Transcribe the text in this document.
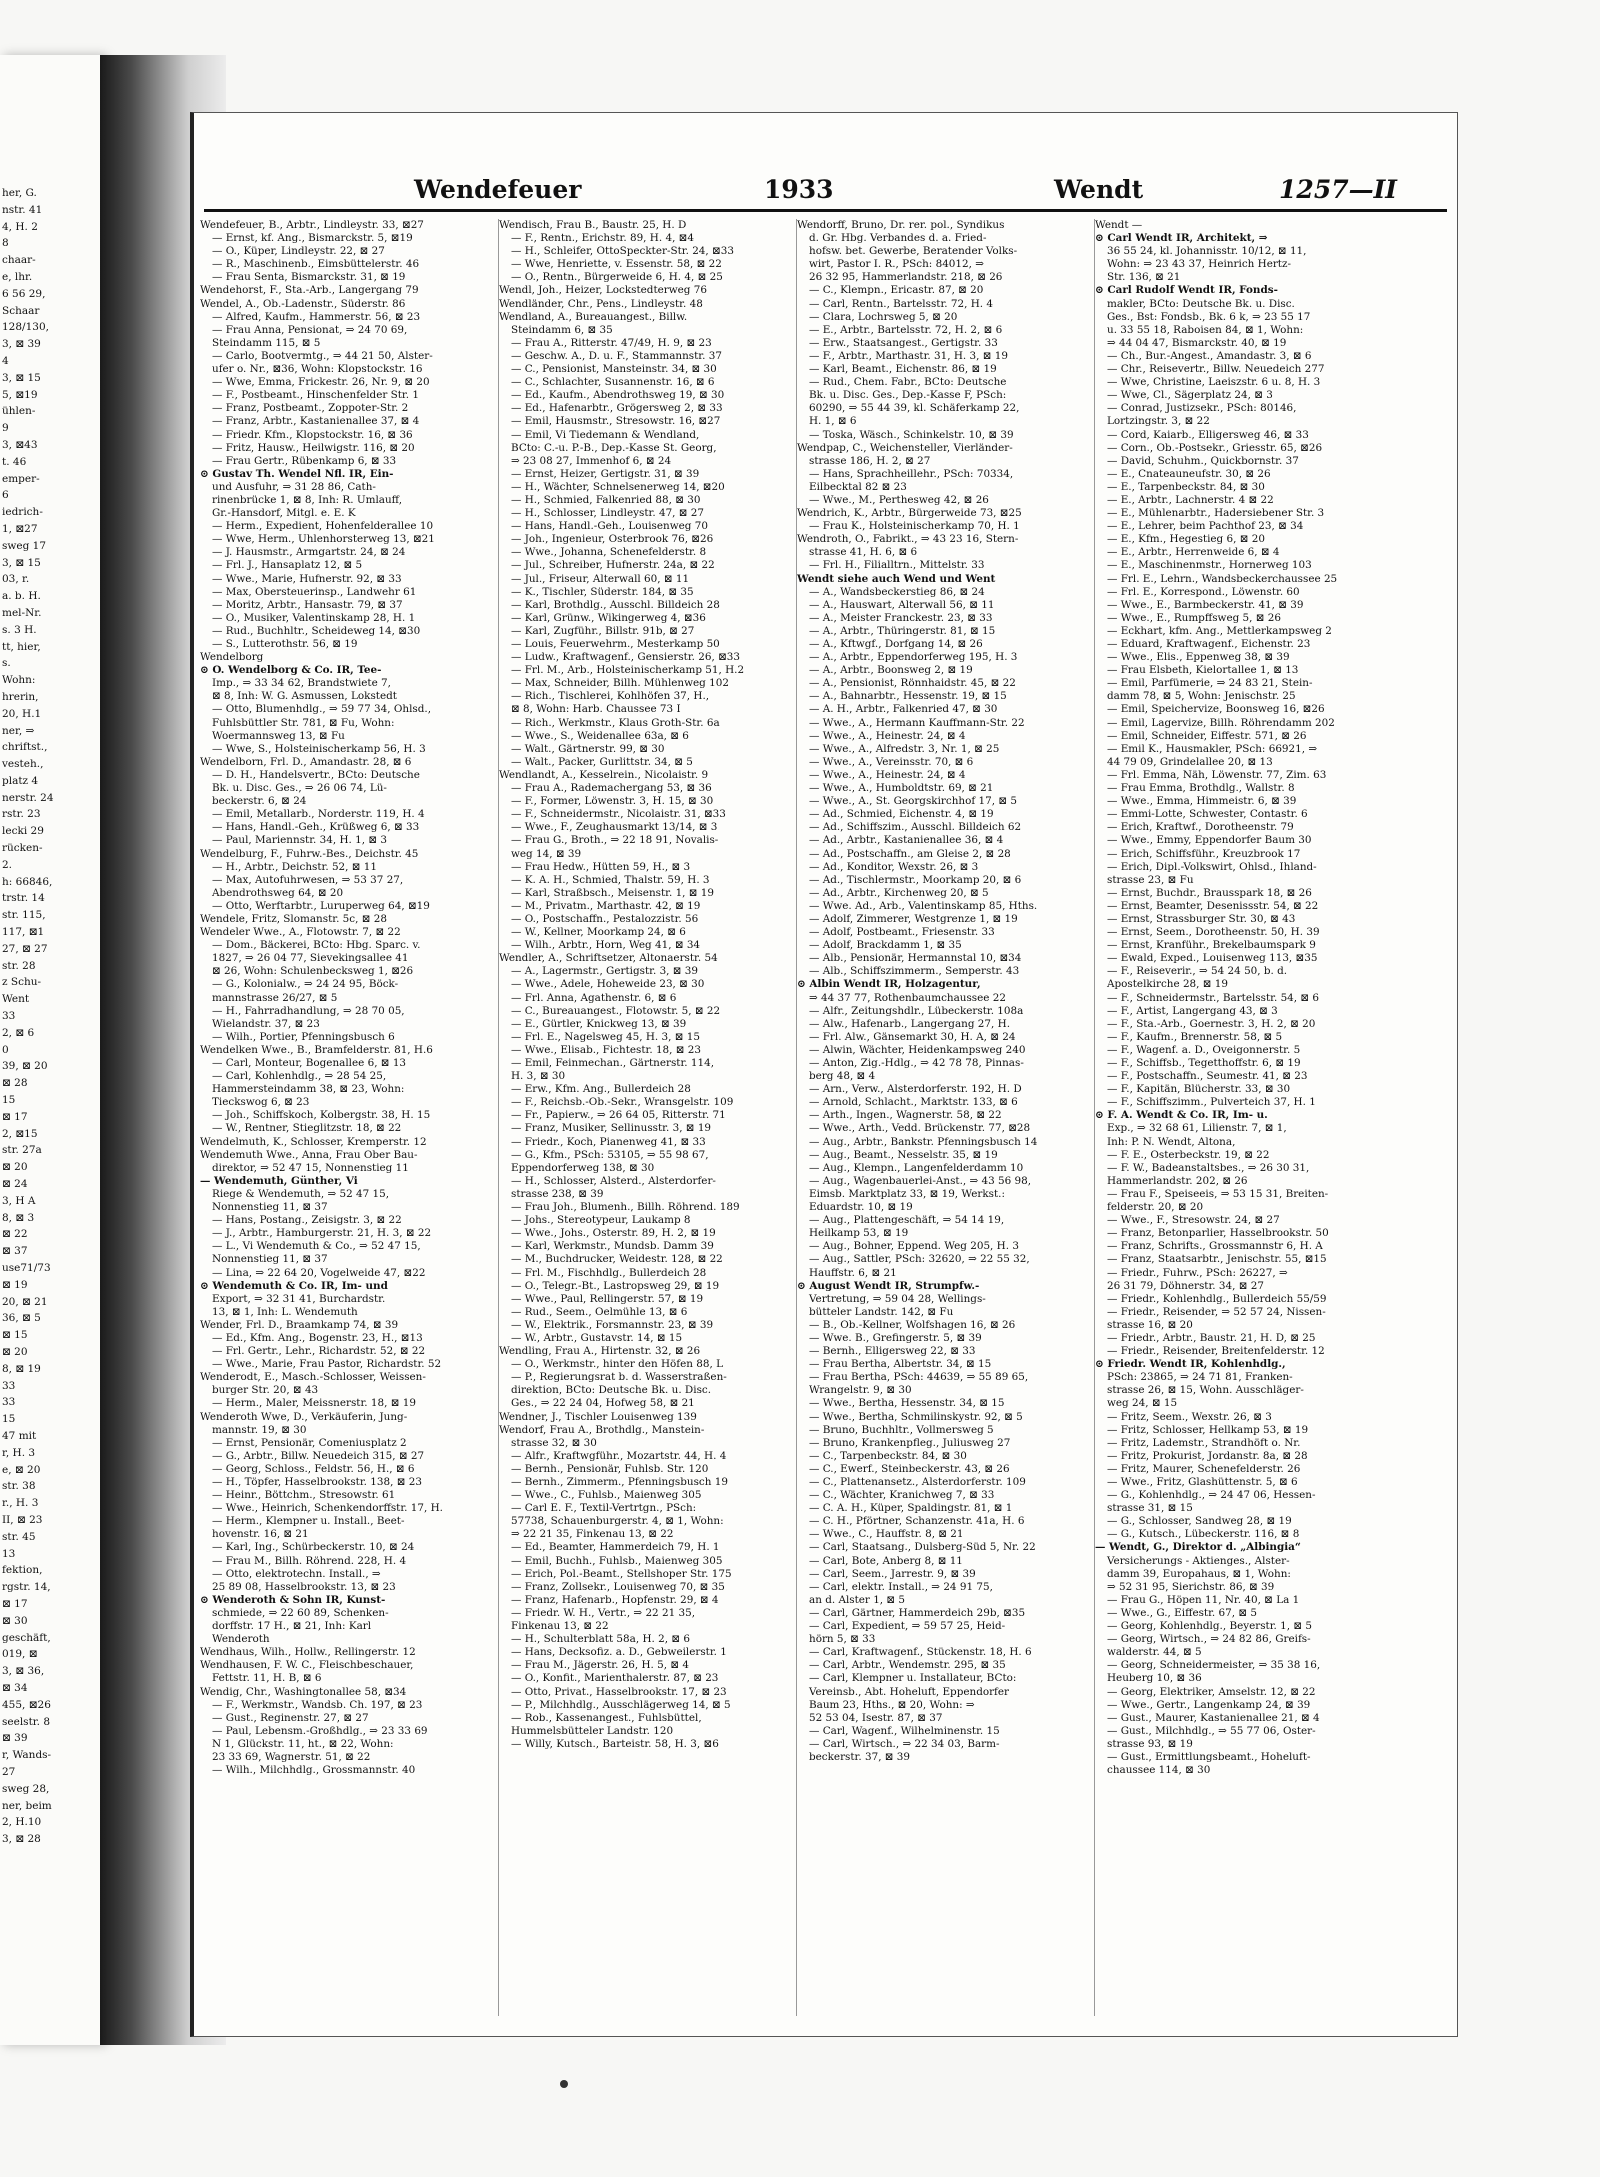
her, G.
nstr. 41
4, H. 2
8
chaar-
e, lhr.
6 56 29,
Schaar
128/130,
3, ⊠ 39
4
3, ⊠ 15
5, ⊠19
ühlen-
9
3, ⊠43
t. 46
emper-
6
iedrich-
1, ⊠27
sweg 17
3, ⊠ 15
03, r.
a. b. H.
mel-Nr.
s. 3 H.
tt, hier,
s.
Wohn:
hrerin,
20, H.1
ner, ⇒
chriftst.,
vesteh.,
platz 4
nerstr. 24
rstr. 23
lecki 29
rücken-
2.
h: 66846,
trstr. 14
str. 115,
117, ⊠1
27, ⊠ 27
str. 28
z Schu-
Went
33
2, ⊠ 6
0
39, ⊠ 20
⊠ 28
15
⊠ 17
2, ⊠15
str. 27a
⊠ 20
⊠ 24
3, H A
8, ⊠ 3
⊠ 22
⊠ 37
use71/73
⊠ 19
20, ⊠ 21
36, ⊠ 5
⊠ 15
⊠ 20
8, ⊠ 19
33
33
15
47 mit
r, H. 3
e, ⊠ 20
str. 38
r., H. 3
II, ⊠ 23
str. 45
13
fektion,
rgstr. 14,
⊠ 17
⊠ 30
geschäft,
019, ⊠
3, ⊠ 36,
⊠ 34
455, ⊠26
seelstr. 8
⊠ 39
r, Wands-
27
sweg 28,
ner, beim
2, H.10
3, ⊠ 28
Wendefeuer	1933	Wendt	1257—II
Wendefeuer, B., Arbtr., Lindleystr. 33, ⊠27
— Ernst, kf. Ang., Bismarckstr. 5, ⊠19
— O., Küper, Lindleystr. 22, ⊠ 27
— R., Maschinenb., Eimsbüttelerstr. 46
— Frau Senta, Bismarckstr. 31, ⊠ 19
Wendehorst, F., Sta.-Arb., Langergang 79
Wendel, A., Ob.-Ladenstr., Süderstr. 86
— Alfred, Kaufm., Hammerstr. 56, ⊠ 23
— Frau Anna, Pensionat, ⇒ 24 70 69,
Steindamm 115, ⊠ 5
— Carlo, Bootvermtg., ⇒ 44 21 50, Alster-
ufer o. Nr., ⊠36, Wohn: Klopstockstr. 16
— Wwe, Emma, Frickestr. 26, Nr. 9, ⊠ 20
— F., Postbeamt., Hinschenfelder Str. 1
— Franz, Postbeamt., Zoppoter-Str. 2
— Franz, Arbtr., Kastanienallee 37, ⊠ 4
— Friedr. Kfm., Klopstockstr. 16, ⊠ 36
— Fritz, Hausw., Heilwigstr. 116, ⊠ 20
— Frau Gertr., Rübenkamp 6, ⊠ 33
⊙ Gustav Th. Wendel Nfl. IR, Ein-
und Ausfuhr, ⇒ 31 28 86, Cath-
rinenbrücke 1, ⊠ 8, Inh: R. Umlauff,
Gr.-Hansdorf, Mitgl. e. E. K
— Herm., Expedient, Hohenfelderallee 10
— Wwe, Herm., Uhlenhorsterweg 13, ⊠21
— J. Hausmstr., Armgartstr. 24, ⊠ 24
— Frl. J., Hansaplatz 12, ⊠ 5
— Wwe., Marie, Hufnerstr. 92, ⊠ 33
— Max, Obersteuerinsp., Landwehr 61
— Moritz, Arbtr., Hansastr. 79, ⊠ 37
— O., Musiker, Valentinskamp 28, H. 1
— Rud., Buchhltr., Scheideweg 14, ⊠30
— S., Lutterothstr. 56, ⊠ 19
Wendelborg
⊙ O. Wendelborg & Co. IR, Tee-
Imp., ⇒ 33 34 62, Brandstwiete 7,
⊠ 8, Inh: W. G. Asmussen, Lokstedt
— Otto, Blumenhdlg., ⇒ 59 77 34, Ohlsd.,
Fuhlsbüttler Str. 781, ⊠ Fu, Wohn:
Woermannsweg 13, ⊠ Fu
— Wwe, S., Holsteinischerkamp 56, H. 3
Wendelborn, Frl. D., Amandastr. 28, ⊠ 6
— D. H., Handelsvertr., BCto: Deutsche
Bk. u. Disc. Ges., ⇒ 26 06 74, Lü-
beckerstr. 6, ⊠ 24
— Emil, Metallarb., Norderstr. 119, H. 4
— Hans, Handl.-Geh., Krüßweg 6, ⊠ 33
— Paul, Mariennstr. 34, H. 1, ⊠ 3
Wendelburg, F., Fuhrw.-Bes., Deichstr. 45
— H., Arbtr., Deichstr. 52, ⊠ 11
— Max, Autofuhrwesen, ⇒ 53 37 27,
Abendrothsweg 64, ⊠ 20
— Otto, Werftarbtr., Luruperweg 64, ⊠19
Wendele, Fritz, Slomanstr. 5c, ⊠ 28
Wendeler Wwe., A., Flotowstr. 7, ⊠ 22
— Dom., Bäckerei, BCto: Hbg. Sparc. v.
1827, ⇒ 26 04 77, Sievekingsallee 41
⊠ 26, Wohn: Schulenbecksweg 1, ⊠26
— G., Kolonialw., ⇒ 24 24 95, Böck-
mannstrasse 26/27, ⊠ 5
— H., Fahrradhandlung, ⇒ 28 70 05,
Wielandstr. 37, ⊠ 23
— Wilh., Portier, Pfenningsbusch 6
Wendelken Wwe., B., Bramfelderstr. 81, H.6
— Carl, Monteur, Bogenallee 6, ⊠ 13
— Carl, Kohlenhdlg., ⇒ 28 54 25,
Hammersteindamm 38, ⊠ 23, Wohn:
Tieckswog 6, ⊠ 23
— Joh., Schiffskoch, Kolbergstr. 38, H. 15
— W., Rentner, Stieglitzstr. 18, ⊠ 22
Wendelmuth, K., Schlosser, Kremperstr. 12
Wendemuth Wwe., Anna, Frau Ober Bau-
direktor, ⇒ 52 47 15, Nonnenstieg 11
— Wendemuth, Günther, Vi
Riege & Wendemuth, ⇒ 52 47 15,
Nonnenstieg 11, ⊠ 37
— Hans, Postang., Zeisigstr. 3, ⊠ 22
— J., Arbtr., Hamburgerstr. 21, H. 3, ⊠ 22
— L., Vi Wendemuth & Co., ⇒ 52 47 15,
Nonnenstieg 11, ⊠ 37
— Lina, ⇒ 22 64 20, Vogelweide 47, ⊠22
⊙ Wendemuth & Co. IR, Im- und
Export, ⇒ 32 31 41, Burchardstr.
13, ⊠ 1, Inh: L. Wendemuth
Wender, Frl. D., Braamkamp 74, ⊠ 39
— Ed., Kfm. Ang., Bogenstr. 23, H., ⊠13
— Frl. Gertr., Lehr., Richardstr. 52, ⊠ 22
— Wwe., Marie, Frau Pastor, Richardstr. 52
Wenderodt, E., Masch.-Schlosser, Weissen-
burger Str. 20, ⊠ 43
— Herm., Maler, Meissnerstr. 18, ⊠ 19
Wenderoth Wwe, D., Verkäuferin, Jung-
mannstr. 19, ⊠ 30
— Ernst, Pensionär, Comeniusplatz 2
— G., Arbtr., Billw. Neuedeich 315, ⊠ 27
— Georg, Schloss., Feldstr. 56, H., ⊠ 6
— H., Töpfer, Hasselbrookstr. 138, ⊠ 23
— Heinr., Böttchm., Stresowstr. 61
— Wwe., Heinrich, Schenkendorffstr. 17, H.
— Herm., Klempner u. Install., Beet-
hovenstr. 16, ⊠ 21
— Karl, Ing., Schürbeckerstr. 10, ⊠ 24
— Frau M., Billh. Röhrend. 228, H. 4
— Otto, elektrotechn. Install., ⇒
25 89 08, Hasselbrookstr. 13, ⊠ 23
⊙ Wenderoth & Sohn IR, Kunst-
schmiede, ⇒ 22 60 89, Schenken-
dorffstr. 17 H., ⊠ 21, Inh: Karl
Wenderoth
Wendhaus, Wilh., Hollw., Rellingerstr. 12
Wendhausen, F. W. C., Fleischbeschauer,
Fettstr. 11, H. B, ⊠ 6
Wendig, Chr., Washingtonallee 58, ⊠34
— F., Werkmstr., Wandsb. Ch. 197, ⊠ 23
— Gust., Reginenstr. 27, ⊠ 27
— Paul, Lebensm.-Großhdlg., ⇒ 23 33 69
N 1, Glückstr. 11, ht., ⊠ 22, Wohn:
23 33 69, Wagnerstr. 51, ⊠ 22
— Wilh., Milchhdlg., Grossmannstr. 40
Wendisch, Frau B., Baustr. 25, H. D
— F., Rentn., Erichstr. 89, H. 4, ⊠4
— H., Schleifer, OttoSpeckter-Str. 24, ⊠33
— Wwe, Henriette, v. Essenstr. 58, ⊠ 22
— O., Rentn., Bürgerweide 6, H. 4, ⊠ 25
Wendl, Joh., Heizer, Lockstedterweg 76
Wendländer, Chr., Pens., Lindleystr. 48
Wendland, A., Bureauangest., Billw.
Steindamm 6, ⊠ 35
— Frau A., Ritterstr. 47/49, H. 9, ⊠ 23
— Geschw. A., D. u. F., Stammannstr. 37
— C., Pensionist, Mansteinstr. 34, ⊠ 30
— C., Schlachter, Susannenstr. 16, ⊠ 6
— Ed., Kaufm., Abendrothsweg 19, ⊠ 30
— Ed., Hafenarbtr., Grögersweg 2, ⊠ 33
— Emil, Hausmstr., Stresowstr. 16, ⊠27
— Emil, Vi Tiedemann & Wendland,
BCto: C.-u. P.-B., Dep.-Kasse St. Georg,
⇒ 23 08 27, Immenhof 6, ⊠ 24
— Ernst, Heizer, Gertigstr. 31, ⊠ 39
— H., Wächter, Schnelsenerweg 14, ⊠20
— H., Schmied, Falkenried 88, ⊠ 30
— H., Schlosser, Lindleystr. 47, ⊠ 27
— Hans, Handl.-Geh., Louisenweg 70
— Joh., Ingenieur, Osterbrook 76, ⊠26
— Wwe., Johanna, Schenefelderstr. 8
— Jul., Schreiber, Hufnerstr. 24a, ⊠ 22
— Jul., Friseur, Alterwall 60, ⊠ 11
— K., Tischler, Süderstr. 184, ⊠ 35
— Karl, Brothdlg., Ausschl. Billdeich 28
— Karl, Grünw., Wikingerweg 4, ⊠36
— Karl, Zugführ., Billstr. 91b, ⊠ 27
— Louis, Feuerwehrm., Mesterkamp 50
— Ludw., Kraftwagenf., Gensierstr. 26, ⊠33
— Frl. M., Arb., Holsteinischerkamp 51, H.2
— Max, Schneider, Billh. Mühlenweg 102
— Rich., Tischlerei, Kohlhöfen 37, H.,
⊠ 8, Wohn: Harb. Chaussee 73 I
— Rich., Werkmstr., Klaus Groth-Str. 6a
— Wwe., S., Weidenallee 63a, ⊠ 6
— Walt., Gärtnerstr. 99, ⊠ 30
— Walt., Packer, Gurlittstr. 34, ⊠ 5
Wendlandt, A., Kesselrein., Nicolaistr. 9
— Frau A., Rademachergang 53, ⊠ 36
— F., Former, Löwenstr. 3, H. 15, ⊠ 30
— F., Schneidermstr., Nicolaistr. 31, ⊠33
— Wwe., F., Zeughausmarkt 13/14, ⊠ 3
— Frau G., Broth., ⇒ 22 18 91, Novalis-
weg 14, ⊠ 39
— Frau Hedw., Hütten 59, H., ⊠ 3
— K. A. H., Schmied, Thalstr. 59, H. 3
— Karl, Straßbsch., Meisenstr. 1, ⊠ 19
— M., Privatm., Marthastr. 42, ⊠ 19
— O., Postschaffn., Pestalozzistr. 56
— W., Kellner, Moorkamp 24, ⊠ 6
— Wilh., Arbtr., Horn, Weg 41, ⊠ 34
Wendler, A., Schriftsetzer, Altonaerstr. 54
— A., Lagermstr., Gertigstr. 3, ⊠ 39
— Wwe., Adele, Hoheweide 23, ⊠ 30
— Frl. Anna, Agathenstr. 6, ⊠ 6
— C., Bureauangest., Flotowstr. 5, ⊠ 22
— E., Gürtler, Knickweg 13, ⊠ 39
— Frl. E., Nagelsweg 45, H. 3, ⊠ 15
— Wwe., Elisab., Fichtestr. 18, ⊠ 23
— Emil, Feinmechan., Gärtnerstr. 114,
H. 3, ⊠ 30
— Erw., Kfm. Ang., Bullerdeich 28
— F., Reichsb.-Ob.-Sekr., Wransgelstr. 109
— Fr., Papierw., ⇒ 26 64 05, Ritterstr. 71
— Franz, Musiker, Sellinusstr. 3, ⊠ 19
— Friedr., Koch, Pianenweg 41, ⊠ 33
— G., Kfm., PSch: 53105, ⇒ 55 98 67,
Eppendorferweg 138, ⊠ 30
— H., Schlosser, Alsterd., Alsterdorfer-
strasse 238, ⊠ 39
— Frau Joh., Blumenh., Billh. Röhrend. 189
— Johs., Stereotypeur, Laukamp 8
— Wwe., Johs., Osterstr. 89, H. 2, ⊠ 19
— Karl, Werkmstr., Mundsb. Damm 39
— M., Buchdrucker, Weidestr. 128, ⊠ 22
— Frl. M., Fischhdlg., Bullerdeich 28
— O., Telegr.-Bt., Lastropsweg 29, ⊠ 19
— Wwe., Paul, Rellingerstr. 57, ⊠ 19
— Rud., Seem., Oelmühle 13, ⊠ 6
— W., Elektrik., Forsmannstr. 23, ⊠ 39
— W., Arbtr., Gustavstr. 14, ⊠ 15
Wendling, Frau A., Hirtenstr. 32, ⊠ 26
— O., Werkmstr., hinter den Höfen 88, L
— P., Regierungsrat b. d. Wasserstraßen-
direktion, BCto: Deutsche Bk. u. Disc.
Ges., ⇒ 22 24 04, Hofweg 58, ⊠ 21
Wendner, J., Tischler Louisenweg 139
Wendorf, Frau A., Brothdlg., Manstein-
strasse 32, ⊠ 30
— Alfr., Kraftwgführ., Mozartstr. 44, H. 4
— Bernh., Pensionär, Fuhlsb. Str. 120
— Bernh., Zimmerm., Pfenningsbusch 19
— Wwe., C., Fuhlsb., Maienweg 305
— Carl E. F., Textil-Vertrtgn., PSch:
57738, Schauenburgerstr. 4, ⊠ 1, Wohn:
⇒ 22 21 35, Finkenau 13, ⊠ 22
— Ed., Beamter, Hammerdeich 79, H. 1
— Emil, Buchh., Fuhlsb., Maienweg 305
— Erich, Pol.-Beamt., Stellshoper Str. 175
— Franz, Zollsekr., Louisenweg 70, ⊠ 35
— Franz, Hafenarb., Hopfenstr. 29, ⊠ 4
— Friedr. W. H., Vertr., ⇒ 22 21 35,
Finkenau 13, ⊠ 22
— H., Schulterblatt 58a, H. 2, ⊠ 6
— Hans, Decksofiz. a. D., Gebweilerstr. 1
— Frau M., Jägerstr. 26, H. 5, ⊠ 4
— O., Konfit., Marienthalerstr. 87, ⊠ 23
— Otto, Privat., Hasselbrookstr. 17, ⊠ 23
— P., Milchhdlg., Ausschlägerweg 14, ⊠ 5
— Rob., Kassenangest., Fuhlsbüttel,
Hummelsbütteler Landstr. 120
— Willy, Kutsch., Barteistr. 58, H. 3, ⊠6
Wendorff, Bruno, Dr. rer. pol., Syndikus
d. Gr. Hbg. Verbandes d. a. Fried-
hofsw. bet. Gewerbe, Beratender Volks-
wirt, Pastor I. R., PSch: 84012, ⇒
26 32 95, Hammerlandstr. 218, ⊠ 26
— C., Klempn., Ericastr. 87, ⊠ 20
— Carl, Rentn., Bartelsstr. 72, H. 4
— Clara, Lochrsweg 5, ⊠ 20
— E., Arbtr., Bartelsstr. 72, H. 2, ⊠ 6
— Erw., Staatsangest., Gertigstr. 33
— F., Arbtr., Marthastr. 31, H. 3, ⊠ 19
— Karl, Beamt., Eichenstr. 86, ⊠ 19
— Rud., Chem. Fabr., BCto: Deutsche
Bk. u. Disc. Ges., Dep.-Kasse F, PSch:
60290, ⇒ 55 44 39, kl. Schäferkamp 22,
H. 1, ⊠ 6
— Toska, Wäsch., Schinkelstr. 10, ⊠ 39
Wendpap, C., Weichensteller, Vierländer-
strasse 186, H. 2, ⊠ 27
— Hans, Sprachheillehr., PSch: 70334,
Eilbecktal 82 ⊠ 23
— Wwe., M., Perthesweg 42, ⊠ 26
Wendrich, K., Arbtr., Bürgerweide 73, ⊠25
— Frau K., Holsteinischerkamp 70, H. 1
Wendroth, O., Fabrikt., ⇒ 43 23 16, Stern-
strasse 41, H. 6, ⊠ 6
— Frl. H., Filialltrn., Mittelstr. 33
Wendt siehe auch Wend und Went
— A., Wandsbeckerstieg 86, ⊠ 24
— A., Hauswart, Alterwall 56, ⊠ 11
— A., Meister Franckestr. 23, ⊠ 33
— A., Arbtr., Thüringerstr. 81, ⊠ 15
— A., Kftwgf., Dorfgang 14, ⊠ 26
— A., Arbtr., Eppendorferweg 195, H. 3
— A., Arbtr., Boonsweg 2, ⊠ 19
— A., Pensionist, Rönnhaidstr. 45, ⊠ 22
— A., Bahnarbtr., Hessenstr. 19, ⊠ 15
— A. H., Arbtr., Falkenried 47, ⊠ 30
— Wwe., A., Hermann Kauffmann-Str. 22
— Wwe., A., Heinestr. 24, ⊠ 4
— Wwe., A., Alfredstr. 3, Nr. 1, ⊠ 25
— Wwe., A., Vereinsstr. 70, ⊠ 6
— Wwe., A., Heinestr. 24, ⊠ 4
— Wwe., A., Humboldtstr. 69, ⊠ 21
— Wwe., A., St. Georgskirchhof 17, ⊠ 5
— Ad., Schmied, Eichenstr. 4, ⊠ 19
— Ad., Schiffszim., Ausschl. Billdeich 62
— Ad., Arbtr., Kastanienallee 36, ⊠ 4
— Ad., Postschaffn., am Gleise 2, ⊠ 28
— Ad., Konditor, Wexstr. 26, ⊠ 3
— Ad., Tischlermstr., Moorkamp 20, ⊠ 6
— Ad., Arbtr., Kirchenweg 20, ⊠ 5
— Wwe. Ad., Arb., Valentinskamp 85, Hths.
— Adolf, Zimmerer, Westgrenze 1, ⊠ 19
— Adolf, Postbeamt., Friesenstr. 33
— Adolf, Brackdamm 1, ⊠ 35
— Alb., Pensionär, Hermannstal 10, ⊠34
— Alb., Schiffszimmerm., Semperstr. 43
⊙ Albin Wendt IR, Holzagentur,
⇒ 44 37 77, Rothenbaumchaussee 22
— Alfr., Zeitungshdlr., Lübeckerstr. 108a
— Alw., Hafenarb., Langergang 27, H.
— Frl. Alw., Gänsemarkt 30, H. A, ⊠ 24
— Alwin, Wächter, Heidenkampsweg 240
— Anton, Zig.-Hdlg., ⇒ 42 78 78, Pinnas-
berg 48, ⊠ 4
— Arn., Verw., Alsterdorferstr. 192, H. D
— Arnold, Schlacht., Marktstr. 133, ⊠ 6
— Arth., Ingen., Wagnerstr. 58, ⊠ 22
— Wwe., Arth., Vedd. Brückenstr. 77, ⊠28
— Aug., Arbtr., Bankstr. Pfenningsbusch 14
— Aug., Beamt., Nesselstr. 35, ⊠ 19
— Aug., Klempn., Langenfelderdamm 10
— Aug., Wagenbauerlei-Anst., ⇒ 43 56 98,
Eimsb. Marktplatz 33, ⊠ 19, Werkst.:
Eduardstr. 10, ⊠ 19
— Aug., Plattengeschäft, ⇒ 54 14 19,
Heilkamp 53, ⊠ 19
— Aug., Bohner, Eppend. Weg 205, H. 3
— Aug., Sattler, PSch: 32620, ⇒ 22 55 32,
Hauffstr. 6, ⊠ 21
⊙ August Wendt IR, Strumpfw.-
Vertretung, ⇒ 59 04 28, Wellings-
bütteler Landstr. 142, ⊠ Fu
— B., Ob.-Kellner, Wolfshagen 16, ⊠ 26
— Wwe. B., Grefingerstr. 5, ⊠ 39
— Bernh., Elligersweg 22, ⊠ 33
— Frau Bertha, Albertstr. 34, ⊠ 15
— Frau Bertha, PSch: 44639, ⇒ 55 89 65,
Wrangelstr. 9, ⊠ 30
— Wwe., Bertha, Hessenstr. 34, ⊠ 15
— Wwe., Bertha, Schmilinskystr. 92, ⊠ 5
— Bruno, Buchhltr., Vollmersweg 5
— Bruno, Krankenpfleg., Juliusweg 27
— C., Tarpenbeckstr. 84, ⊠ 30
— C., Ewerf., Steinbeckerstr. 43, ⊠ 26
— C., Plattenansetz., Alsterdorferstr. 109
— C., Wächter, Kranichweg 7, ⊠ 33
— C. A. H., Küper, Spaldingstr. 81, ⊠ 1
— C. H., Pförtner, Schanzenstr. 41a, H. 6
— Wwe., C., Hauffstr. 8, ⊠ 21
— Carl, Staatsang., Dulsberg-Süd 5, Nr. 22
— Carl, Bote, Anberg 8, ⊠ 11
— Carl, Seem., Jarrestr. 9, ⊠ 39
— Carl, elektr. Install., ⇒ 24 91 75,
an d. Alster 1, ⊠ 5
— Carl, Gärtner, Hammerdeich 29b, ⊠35
— Carl, Expedient, ⇒ 59 57 25, Heid-
hörn 5, ⊠ 33
— Carl, Kraftwagenf., Stückenstr. 18, H. 6
— Carl, Arbtr., Wendemstr. 295, ⊠ 35
— Carl, Klempner u. Installateur, BCto:
Vereinsb., Abt. Hoheluft, Eppendorfer
Baum 23, Hths., ⊠ 20, Wohn: ⇒
52 53 04, Isestr. 87, ⊠ 37
— Carl, Wagenf., Wilhelminenstr. 15
— Carl, Wirtsch., ⇒ 22 34 03, Barm-
beckerstr. 37, ⊠ 39
Wendt —
⊙ Carl Wendt IR, Architekt, ⇒
36 55 24, kl. Johannisstr. 10/12, ⊠ 11,
Wohn: ⇒ 23 43 37, Heinrich Hertz-
Str. 136, ⊠ 21
⊙ Carl Rudolf Wendt IR, Fonds-
makler, BCto: Deutsche Bk. u. Disc.
Ges., Bst: Fondsb., Bk. 6 k, ⇒ 23 55 17
u. 33 55 18, Raboisen 84, ⊠ 1, Wohn:
⇒ 44 04 47, Bismarckstr. 40, ⊠ 19
— Ch., Bur.-Angest., Amandastr. 3, ⊠ 6
— Chr., Reisevertr., Billw. Neuedeich 277
— Wwe, Christine, Laeiszstr. 6 u. 8, H. 3
— Wwe, Cl., Sägerplatz 24, ⊠ 3
— Conrad, Justizsekr., PSch: 80146,
Lortzingstr. 3, ⊠ 22
— Cord, Kaiarb., Elligersweg 46, ⊠ 33
— Corn., Ob.-Postsekr., Griesstr. 65, ⊠26
— David, Schuhm., Quickbornstr. 37
— E., Cnateauneufstr. 30, ⊠ 26
— E., Tarpenbeckstr. 84, ⊠ 30
— E., Arbtr., Lachnerstr. 4 ⊠ 22
— E., Mühlenarbtr., Hadersiebener Str. 3
— E., Lehrer, beim Pachthof 23, ⊠ 34
— E., Kfm., Hegestieg 6, ⊠ 20
— E., Arbtr., Herrenweide 6, ⊠ 4
— E., Maschinenmstr., Hornerweg 103
— Frl. E., Lehrn., Wandsbeckerchaussee 25
— Frl. E., Korrespond., Löwenstr. 60
— Wwe., E., Barmbeckerstr. 41, ⊠ 39
— Wwe., E., Rumpffsweg 5, ⊠ 26
— Eckhart, kfm. Ang., Mettlerkampsweg 2
— Eduard, Kraftwagenf., Eichenstr. 23
— Wwe., Elis., Eppenweg 38, ⊠ 39
— Frau Elsbeth, Kielortallee 1, ⊠ 13
— Emil, Parfümerie, ⇒ 24 83 21, Stein-
damm 78, ⊠ 5, Wohn: Jenischstr. 25
— Emil, Speichervize, Boonsweg 16, ⊠26
— Emil, Lagervize, Billh. Röhrendamm 202
— Emil, Schneider, Eiffestr. 571, ⊠ 26
— Emil K., Hausmakler, PSch: 66921, ⇒
44 79 09, Grindelallee 20, ⊠ 13
— Frl. Emma, Näh, Löwenstr. 77, Zim. 63
— Frau Emma, Brothdlg., Wallstr. 8
— Wwe., Emma, Himmeistr. 6, ⊠ 39
— Emmi-Lotte, Schwester, Contastr. 6
— Erich, Kraftwf., Dorotheenstr. 79
— Wwe., Emmy, Eppendorfer Baum 30
— Erich, Schiffsführ., Kreuzbrook 17
— Erich, Dipl.-Volkswirt, Ohlsd., Ihland-
strasse 23, ⊠ Fu
— Ernst, Buchdr., Brausspark 18, ⊠ 26
— Ernst, Beamter, Desenissstr. 54, ⊠ 22
— Ernst, Strassburger Str. 30, ⊠ 43
— Ernst, Seem., Dorotheenstr. 50, H. 39
— Ernst, Kranführ., Brekelbaumspark 9
— Ewald, Exped., Louisenweg 113, ⊠35
— F., Reiseverir., ⇒ 54 24 50, b. d.
Apostelkirche 28, ⊠ 19
— F., Schneidermstr., Bartelsstr. 54, ⊠ 6
— F., Artist, Langergang 43, ⊠ 3
— F., Sta.-Arb., Goernestr. 3, H. 2, ⊠ 20
— F., Kaufm., Brennerstr. 58, ⊠ 5
— F., Wagenf. a. D., Oveigonnerstr. 5
— F., Schiffsb., Tegetthoffstr. 6, ⊠ 19
— F., Postschaffn., Seumestr. 41, ⊠ 23
— F., Kapitän, Blücherstr. 33, ⊠ 30
— F., Schiffszimm., Pulverteich 37, H. 1
⊙ F. A. Wendt & Co. IR, Im- u.
Exp., ⇒ 32 68 61, Lilienstr. 7, ⊠ 1,
Inh: P. N. Wendt, Altona,
— F. E., Osterbeckstr. 19, ⊠ 22
— F. W., Badeanstaltsbes., ⇒ 26 30 31,
Hammerlandstr. 202, ⊠ 26
— Frau F., Speiseeis, ⇒ 53 15 31, Breiten-
felderstr. 20, ⊠ 20
— Wwe., F., Stresowstr. 24, ⊠ 27
— Franz, Betonparlier, Hasselbrookstr. 50
— Franz, Schrifts., Grossmannstr 6, H. A
— Franz, Staatsarbtr., Jenischstr. 55, ⊠15
— Friedr., Fuhrw., PSch: 26227, ⇒
26 31 79, Döhnerstr. 34, ⊠ 27
— Friedr., Kohlenhdlg., Bullerdeich 55/59
— Friedr., Reisender, ⇒ 52 57 24, Nissen-
strasse 16, ⊠ 20
— Friedr., Arbtr., Baustr. 21, H. D, ⊠ 25
— Friedr., Reisender, Breitenfelderstr. 12
⊙ Friedr. Wendt IR, Kohlenhdlg.,
PSch: 23865, ⇒ 24 71 81, Franken-
strasse 26, ⊠ 15, Wohn. Ausschläger-
weg 24, ⊠ 15
— Fritz, Seem., Wexstr. 26, ⊠ 3
— Fritz, Schlosser, Hellkamp 53, ⊠ 19
— Fritz, Lademstr., Strandhöft o. Nr.
— Fritz, Prokurist, Jordanstr. 8a, ⊠ 28
— Fritz, Maurer, Schenefelderstr. 26
— Wwe., Fritz, Glashüttenstr. 5, ⊠ 6
— G., Kohlenhdlg., ⇒ 24 47 06, Hessen-
strasse 31, ⊠ 15
— G., Schlosser, Sandweg 28, ⊠ 19
— G., Kutsch., Lübeckerstr. 116, ⊠ 8
— Wendt, G., Direktor d. „Albingia“
Versicherungs - Aktienges., Alster-
damm 39, Europahaus, ⊠ 1, Wohn:
⇒ 52 31 95, Sierichstr. 86, ⊠ 39
— Frau G., Höpen 11, Nr. 40, ⊠ La 1
— Wwe., G., Eiffestr. 67, ⊠ 5
— Georg, Kohlenhdlg., Beyerstr. 1, ⊠ 5
— Georg, Wirtsch., ⇒ 24 82 86, Greifs-
walderstr. 44, ⊠ 5
— Georg, Schneidermeister, ⇒ 35 38 16,
Heuberg 10, ⊠ 36
— Georg, Elektriker, Amselstr. 12, ⊠ 22
— Wwe., Gertr., Langenkamp 24, ⊠ 39
— Gust., Maurer, Kastanienallee 21, ⊠ 4
— Gust., Milchhdlg., ⇒ 55 77 06, Oster-
strasse 93, ⊠ 19
— Gust., Ermittlungsbeamt., Hoheluft-
chaussee 114, ⊠ 30
